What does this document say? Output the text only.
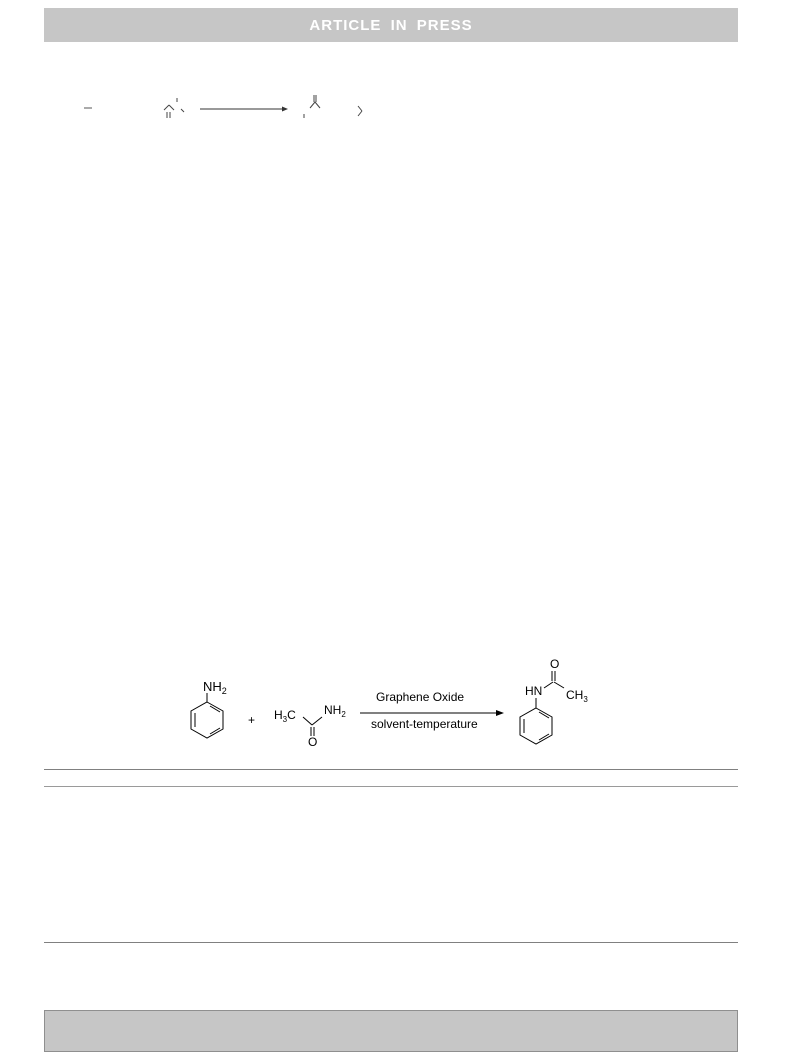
ARTICLE IN PRESS
$NH_2$
+ $H_3C$
O
$NH_2$
Graphene Oxide
solvent-temperature
O
HN $CH_3$
